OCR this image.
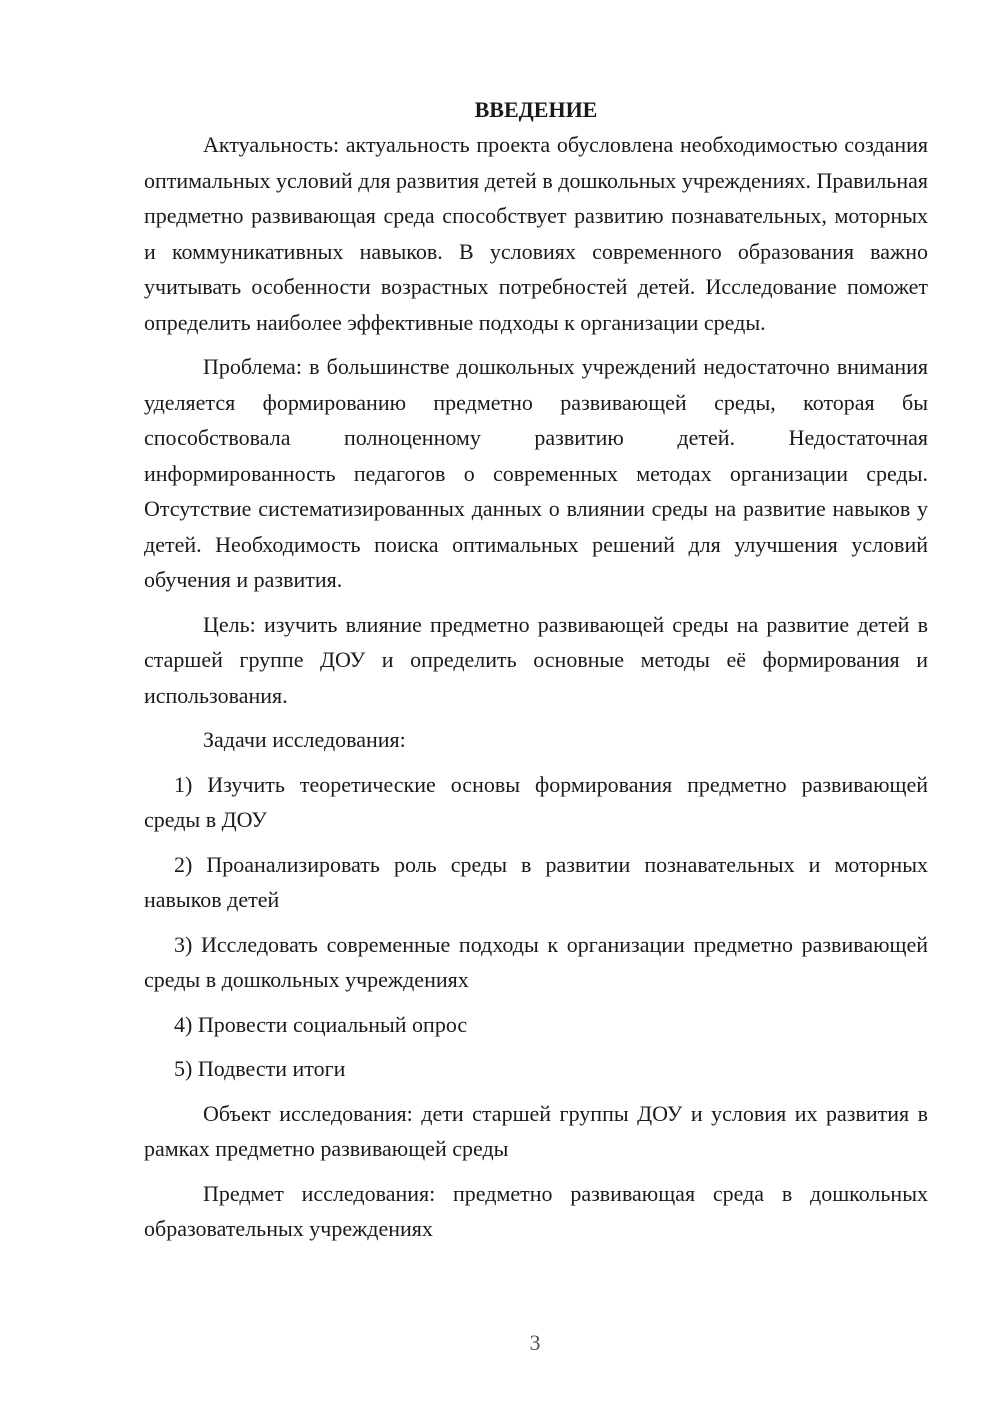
ВВЕДЕНИЕ

Актуальность: актуальность проекта обусловлена необходимостью создания оптимальных условий для развития детей в дошкольных учреждениях. Правильная предметно развивающая среда способствует развитию познавательных, моторных и коммуникативных навыков. В условиях современного образования важно учитывать особенности возрастных потребностей детей. Исследование поможет определить наиболее эффективные подходы к организации среды.

Проблема: в большинстве дошкольных учреждений недостаточно внимания уделяется формированию предметно развивающей среды, которая бы способствовала полноценному развитию детей. Недостаточная информированность педагогов о современных методах организации среды. Отсутствие систематизированных данных о влиянии среды на развитие навыков у детей. Необходимость поиска оптимальных решений для улучшения условий обучения и развития.

Цель: изучить влияние предметно развивающей среды на развитие детей в старшей группе ДОУ и определить основные методы её формирования и использования.

Задачи исследования:

1) Изучить теоретические основы формирования предметно развивающей среды в ДОУ

2) Проанализировать роль среды в развитии познавательных и моторных навыков детей

3) Исследовать современные подходы к организации предметно развивающей среды в дошкольных учреждениях

4) Провести социальный опрос

5) Подвести итоги

Объект исследования: дети старшей группы ДОУ и условия их развития в рамках предметно развивающей среды

Предмет исследования: предметно развивающая среда в дошкольных образовательных учреждениях

3
